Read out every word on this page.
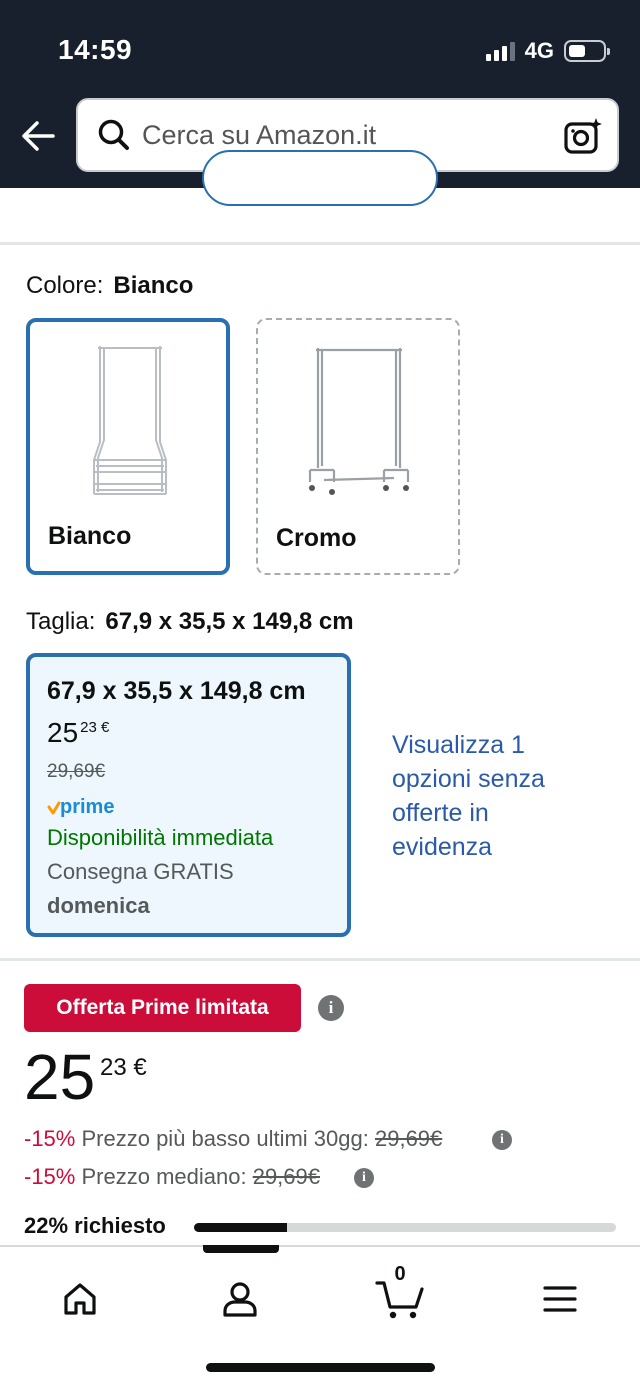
14:59	4G
Cerca su Amazon.it
Colore: Bianco
Bianco	Cromo
Taglia: 67,9 x 35,5 x 149,8 cm
67,9 x 35,5 x 149,8 cm
25 $^{23 €}$
29,69€
prime
Disponibilità immediata
Consegna GRATIS
domenica
Visualizza 1 opzioni senza offerte in evidenza
Offerta Prime limitata	i
25 23 €
-15% Prezzo più basso ultimi 30gg: 29,69€	i
-15% Prezzo mediano: 29,69€	i
22% richiesto
0
